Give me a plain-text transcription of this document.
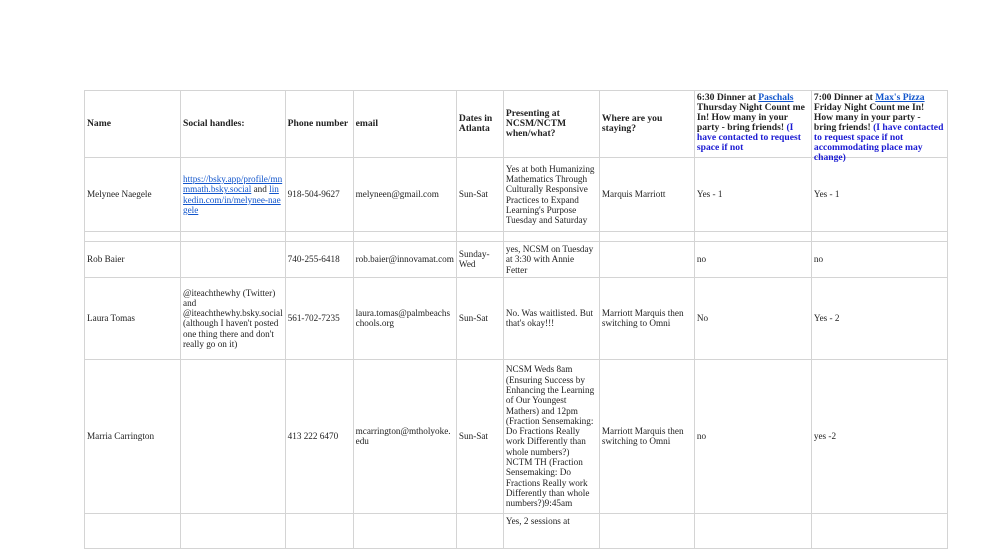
Name	Social handles:	Phone number	email	Dates in Atlanta	Presenting at NCSM/NCTM when/what?	Where are you staying?	6:30 Dinner at Paschals Thursday Night Count me In! How many in your party - bring friends! (I have contacted to request space if not	7:00 Dinner at Max's Pizza Friday Night Count me In! How many in your party - bring friends! (I have contacted to request space if not accommodating place may change)

Melynee Naegele	https://bsky.app/profile/mnmmath.bsky.social and linkedin.com/in/melynee-naegele	918-504-9627	melyneen@gmail.com	Sun-Sat	Yes at both Humanizing Mathematics Through Culturally Responsive Practices to Expand Learning's Purpose Tuesday and Saturday	Marquis Marriott	Yes - 1	Yes - 1

Rob Baier		740-255-6418	rob.baier@innovamat.com	Sunday-Wed	yes, NCSM on Tuesday at 3:30 with Annie Fetter		no	no
Laura Tomas	@iteachthewhy (Twitter) and @iteachthewhy.bsky.social (although I haven't posted one thing there and don't really go on it)	561-702-7235	laura.tomas@palmbeachschools.org	Sun-Sat	No. Was waitlisted. But that's okay!!!	Marriott Marquis then switching to Omni	No	Yes - 2
Marria Carrington		413 222 6470	mcarrington@mtholyoke.edu	Sun-Sat	NCSM Weds 8am (Ensuring Success by Enhancing the Learning of Our Youngest Mathers) and 12pm (Fraction Sensemaking: Do Fractions Really work Differently than whole numbers?) NCTM TH (Fraction Sensemaking: Do Fractions Really work Differently than whole numbers?)9:45am	Marriott Marquis then switching to Omni	no	yes -2
					Yes, 2 sessions at			
